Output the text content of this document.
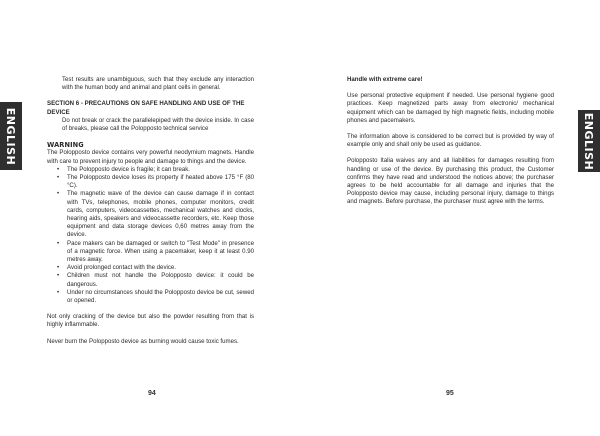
ENGLISH	ENGLISH

Test results are unambiguous, such that they exclude any interaction with the human body and animal and plant cells in general.

SECTION 6 - PRECAUTIONS ON SAFE HANDLING AND USE OF THE DEVICE

Do not break or crack the parallelepiped with the device inside. In case of breaks, please call the Polopposto technical service

WARNING

The Polopposto device contains very powerful neodymium magnets. Handle with care to prevent injury to people and damage to things and the device.

• The Polopposto device is fragile; it can break.
• The Polopposto device loses its property if heated above 175 °F (80 °C).
• The magnetic wave of the device can cause damage if in contact with TVs, telephones, mobile phones, computer monitors, credit cards, computers, videocassettes, mechanical watches and clocks, hearing aids, speakers and videocassette recorders, etc. Keep those equipment and data storage devices 0,60 metres away from the device.
• Pace makers can be damaged or switch to "Test Mode" in presence of a magnetic force. When using a pacemaker, keep it at least 0.90 metres away.
• Avoid prolonged contact with the device.
• Children must not handle the Polopposto device: it could be dangerous.
• Under no circumstances should the Polopposto device be cut, sewed or opened.

Not only cracking of the device but also the powder resulting from that is highly inflammable.

Never burn the Polopposto device as burning would cause toxic fumes.

Handle with extreme care!

Use personal protective equipment if needed. Use personal hygiene good practices. Keep magnetized parts away from electronic/ mechanical equipment which can be damaged by high magnetic fields, including mobile phones and pacemakers.

The information above is considered to be correct but is provided by way of example only and shall only be used as guidance.

Polopposto Italia waives any and all liabilities for damages resulting from handling or use of the device. By purchasing this product, the Customer confirms they have read and understood the notices above; the purchaser agrees to be held accountable for all damage and injuries that the Polopposto device may cause, including personal injury, damage to things and magnets. Before purchase, the purchaser must agree with the terms.

94	95
